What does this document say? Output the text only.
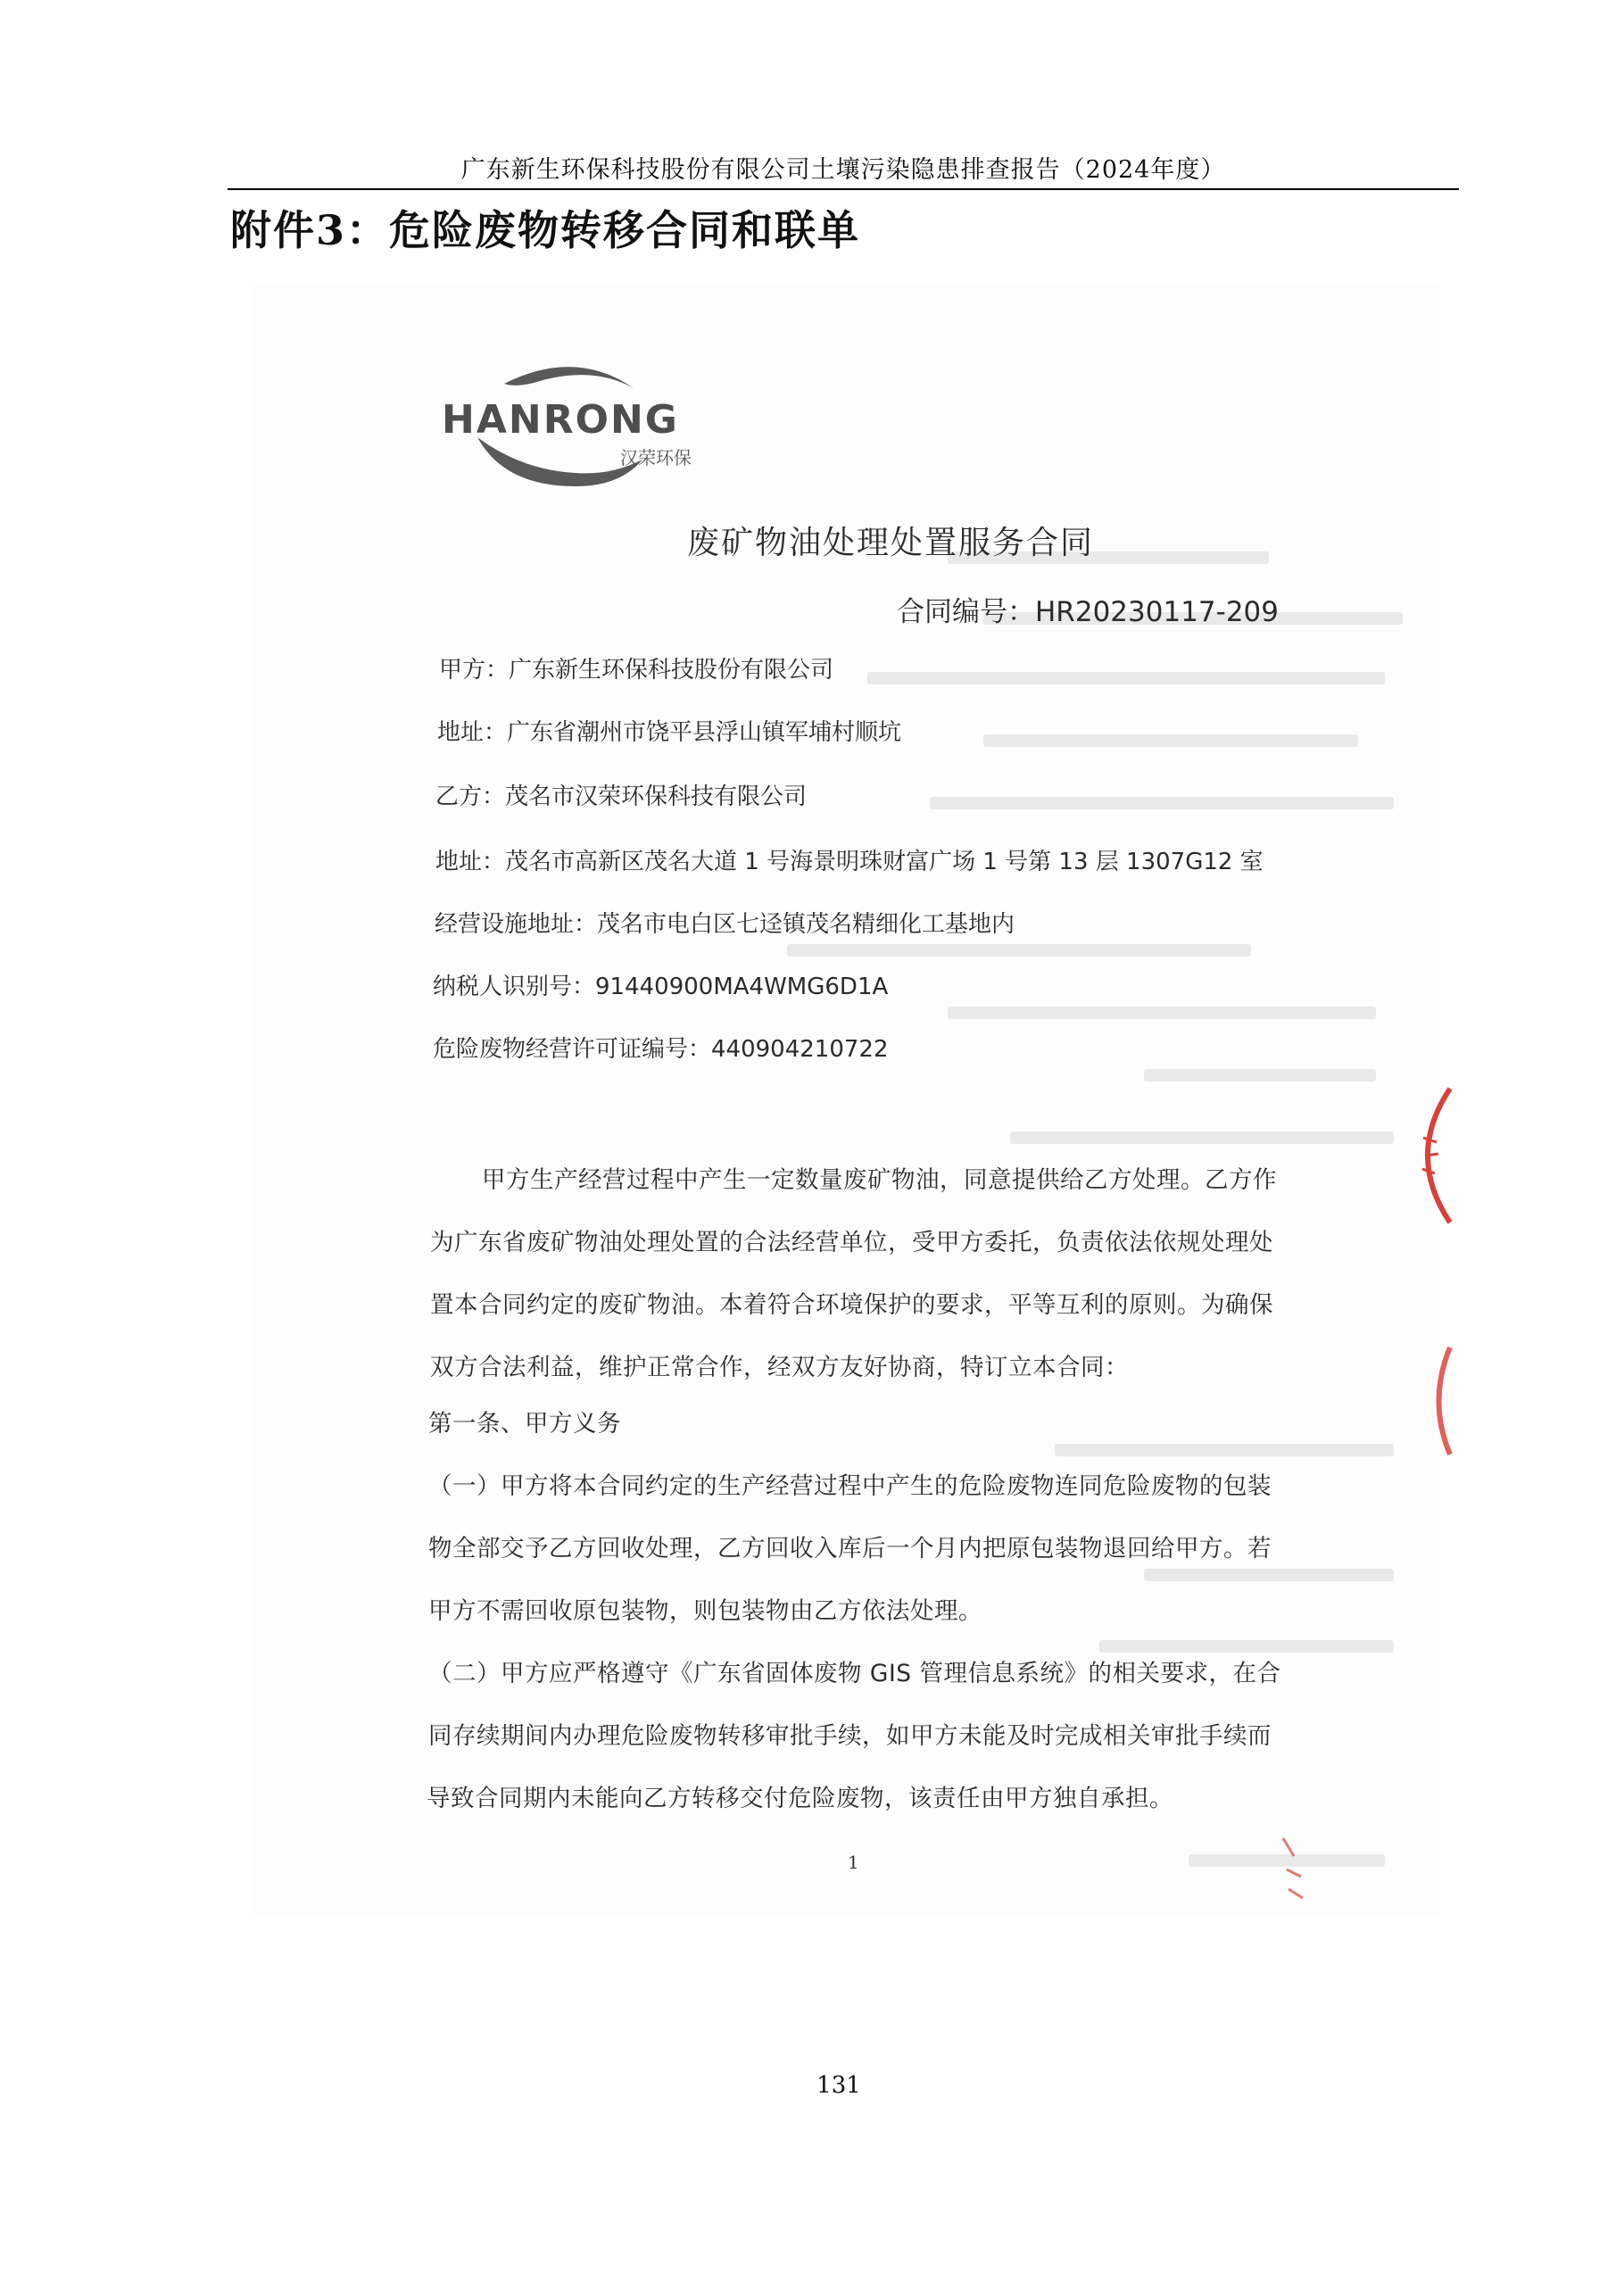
广东新生环保科技股份有限公司土壤污染隐患排查报告（2024年度）
附件3：危险废物转移合同和联单
HANRONG
汉荣环保
废矿物油处理处置服务合同
合同编号：HR20230117-209
甲方：广东新生环保科技股份有限公司
地址：广东省潮州市饶平县浮山镇军埔村顺坑
乙方：茂名市汉荣环保科技有限公司
地址：茂名市高新区茂名大道 1 号海景明珠财富广场 1 号第 13 层 1307G12 室
经营设施地址：茂名市电白区七迳镇茂名精细化工基地内
纳税人识别号：91440900MA4WMG6D1A
危险废物经营许可证编号：440904210722
甲方生产经营过程中产生一定数量废矿物油，同意提供给乙方处理。乙方作
为广东省废矿物油处理处置的合法经营单位，受甲方委托，负责依法依规处理处
置本合同约定的废矿物油。本着符合环境保护的要求，平等互利的原则。为确保
双方合法利益，维护正常合作，经双方友好协商，特订立本合同：
第一条、甲方义务
（一）甲方将本合同约定的生产经营过程中产生的危险废物连同危险废物的包装
物全部交予乙方回收处理，乙方回收入库后一个月内把原包装物退回给甲方。若
甲方不需回收原包装物，则包装物由乙方依法处理。
（二）甲方应严格遵守《广东省固体废物 GIS 管理信息系统》的相关要求，在合
同存续期间内办理危险废物转移审批手续，如甲方未能及时完成相关审批手续而
导致合同期内未能向乙方转移交付危险废物，该责任由甲方独自承担。
1
131
